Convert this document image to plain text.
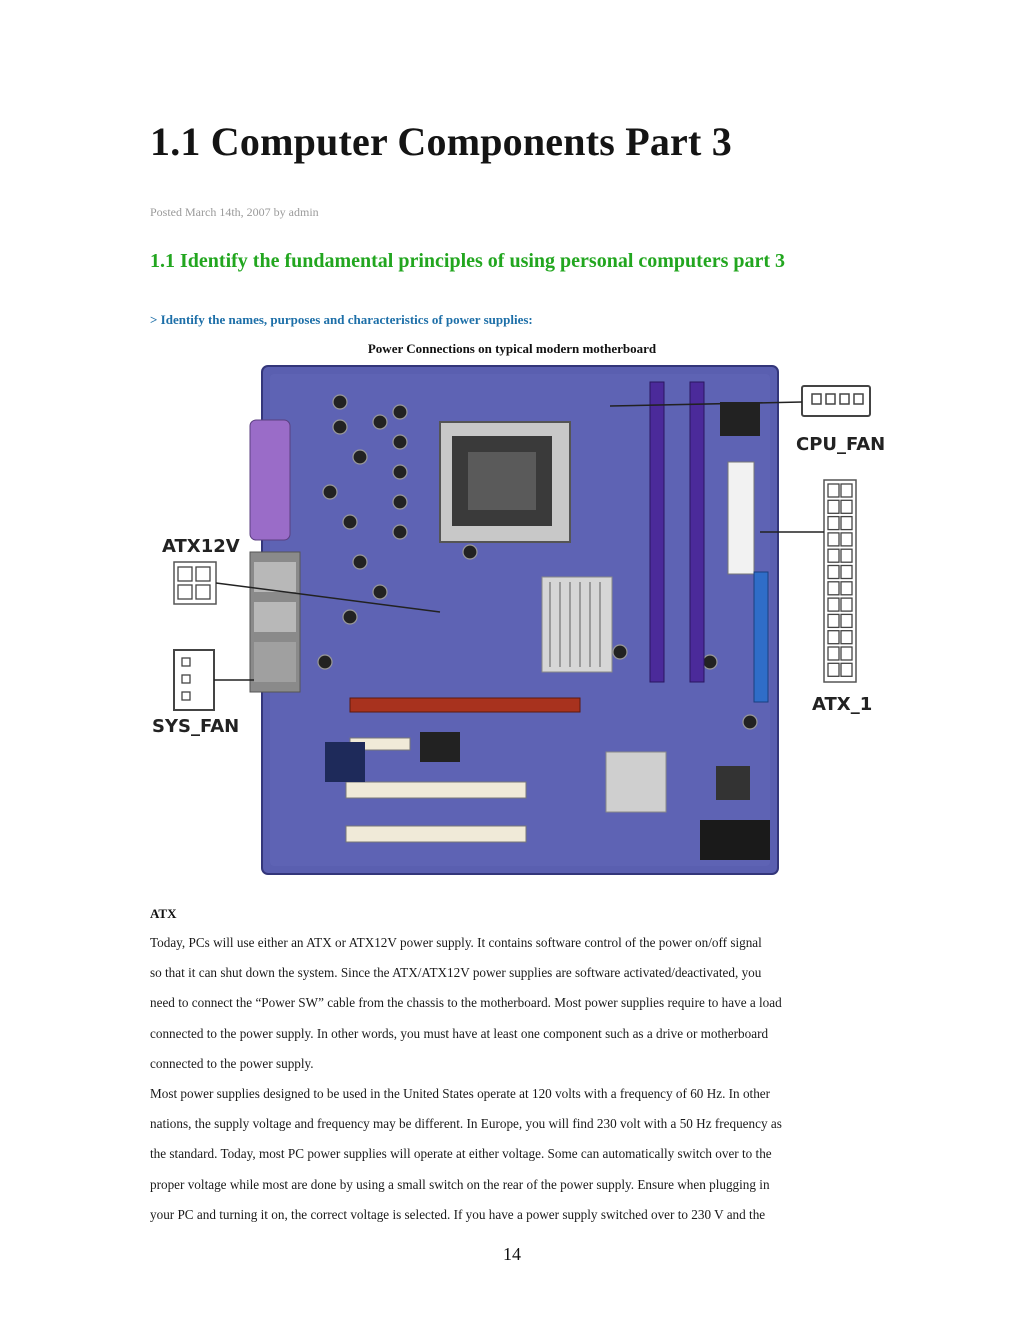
1.1 Computer Components Part 3
Posted March 14th, 2007 by admin
1.1 Identify the fundamental principles of using personal computers part 3
> Identify the names, purposes and characteristics of power supplies:
Power Connections on typical modern motherboard
CPU_FAN
ATX_1
ATX12V
SYS_FAN
ATX

Today, PCs will use either an ATX or ATX12V power supply. It contains software control of the power on/off signal

so that it can shut down the system. Since the ATX/ATX12V power supplies are software activated/deactivated, you

need to connect the “Power SW” cable from the chassis to the motherboard. Most power supplies require to have a load

connected to the power supply. In other words, you must have at least one component such as a drive or motherboard

connected to the power supply.

Most power supplies designed to be used in the United States operate at 120 volts with a frequency of 60 Hz. In other

nations, the supply voltage and frequency may be different. In Europe, you will find 230 volt with a 50 Hz frequency as

the standard. Today, most PC power supplies will operate at either voltage. Some can automatically switch over to the

proper voltage while most are done by using a small switch on the rear of the power supply. Ensure when plugging in

your PC and turning it on, the correct voltage is selected. If you have a power supply switched over to 230 V and the

14
